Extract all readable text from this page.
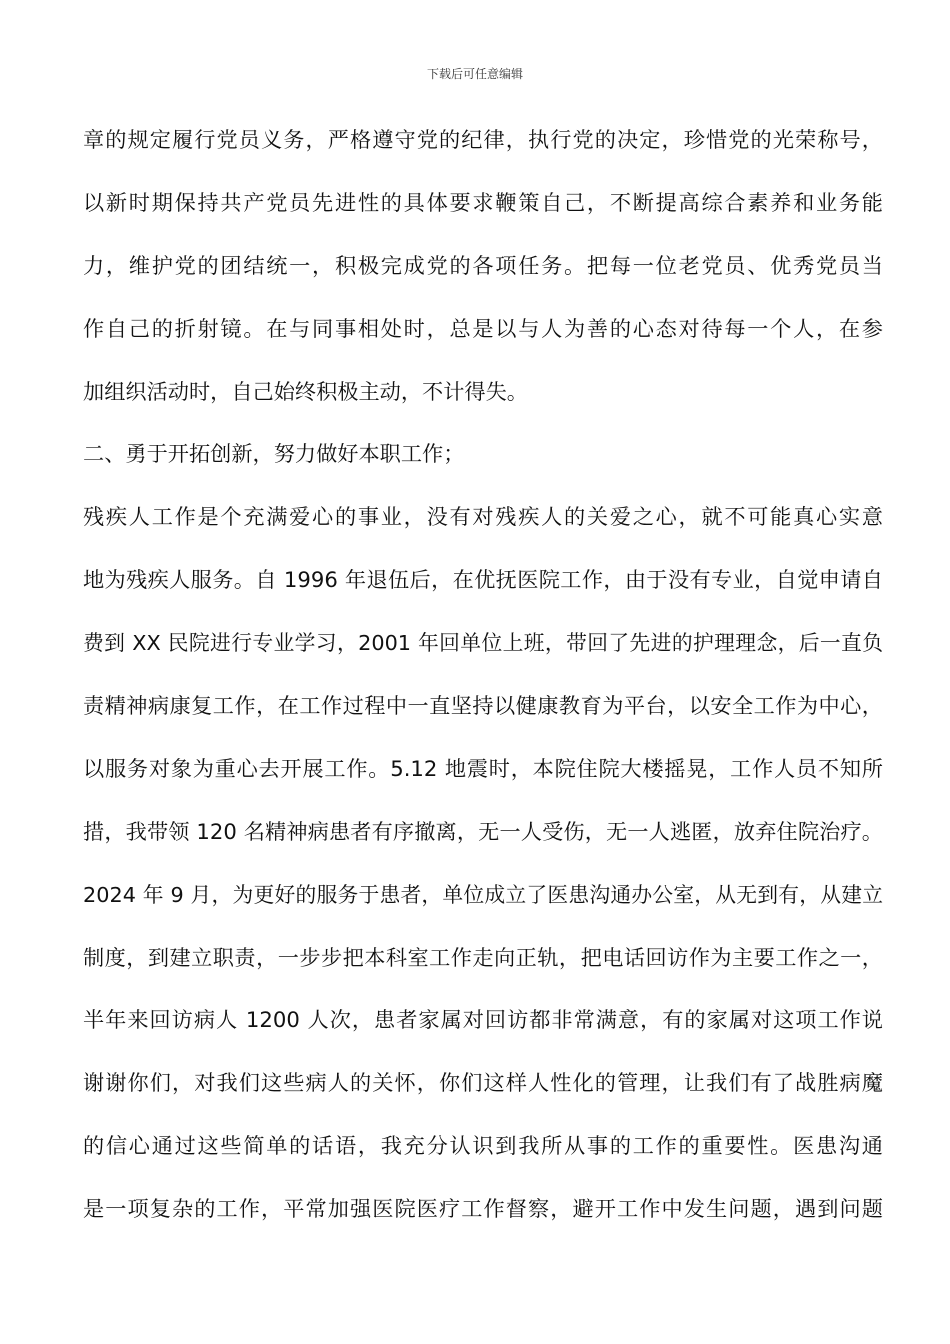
下载后可任意编辑
章的规定履行党员义务，严格遵守党的纪律，执行党的决定，珍惜党的光荣称号，
以新时期保持共产党员先进性的具体要求鞭策自己，不断提高综合素养和业务能
力，维护党的团结统一，积极完成党的各项任务。把每一位老党员、优秀党员当
作自己的折射镜。在与同事相处时，总是以与人为善的心态对待每一个人，在参
加组织活动时，自己始终积极主动，不计得失。
二、勇于开拓创新，努力做好本职工作；
残疾人工作是个充满爱心的事业，没有对残疾人的关爱之心，就不可能真心实意
地为残疾人服务。自 1996 年退伍后，在优抚医院工作，由于没有专业，自觉申请自
费到 XX 民院进行专业学习，2001 年回单位上班，带回了先进的护理理念，后一直负
责精神病康复工作，在工作过程中一直坚持以健康教育为平台，以安全工作为中心，
以服务对象为重心去开展工作。5.12 地震时，本院住院大楼摇晃，工作人员不知所
措，我带领 120 名精神病患者有序撤离，无一人受伤，无一人逃匿，放弃住院治疗。
2024 年 9 月，为更好的服务于患者，单位成立了医患沟通办公室，从无到有，从建立
制度，到建立职责，一步步把本科室工作走向正轨，把电话回访作为主要工作之一，
半年来回访病人 1200 人次，患者家属对回访都非常满意，有的家属对这项工作说
谢谢你们，对我们这些病人的关怀，你们这样人性化的管理，让我们有了战胜病魔
的信心通过这些简单的话语，我充分认识到我所从事的工作的重要性。医患沟通
是一项复杂的工作，平常加强医院医疗工作督察，避开工作中发生问题，遇到问题
